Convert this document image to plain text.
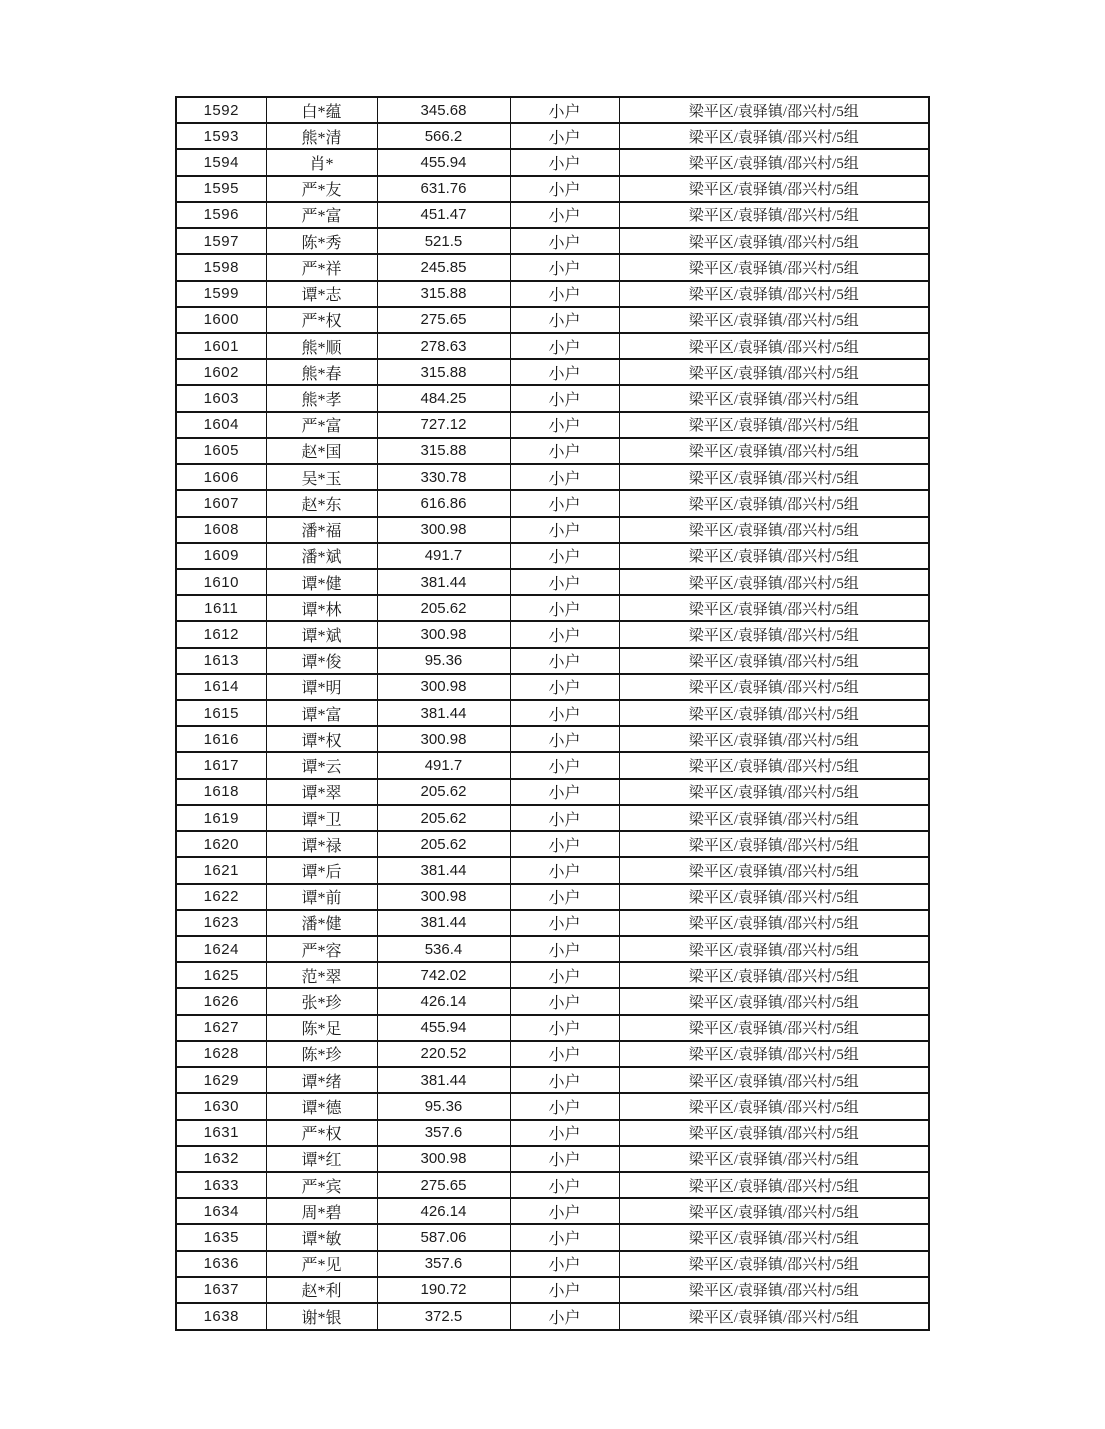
1592	白*蕴	345.68	小户	梁平区/袁驿镇/邵兴村/5组
1593	熊*清	566.2	小户	梁平区/袁驿镇/邵兴村/5组
1594	肖*	455.94	小户	梁平区/袁驿镇/邵兴村/5组
1595	严*友	631.76	小户	梁平区/袁驿镇/邵兴村/5组
1596	严*富	451.47	小户	梁平区/袁驿镇/邵兴村/5组
1597	陈*秀	521.5	小户	梁平区/袁驿镇/邵兴村/5组
1598	严*祥	245.85	小户	梁平区/袁驿镇/邵兴村/5组
1599	谭*志	315.88	小户	梁平区/袁驿镇/邵兴村/5组
1600	严*权	275.65	小户	梁平区/袁驿镇/邵兴村/5组
1601	熊*顺	278.63	小户	梁平区/袁驿镇/邵兴村/5组
1602	熊*春	315.88	小户	梁平区/袁驿镇/邵兴村/5组
1603	熊*孝	484.25	小户	梁平区/袁驿镇/邵兴村/5组
1604	严*富	727.12	小户	梁平区/袁驿镇/邵兴村/5组
1605	赵*国	315.88	小户	梁平区/袁驿镇/邵兴村/5组
1606	吴*玉	330.78	小户	梁平区/袁驿镇/邵兴村/5组
1607	赵*东	616.86	小户	梁平区/袁驿镇/邵兴村/5组
1608	潘*福	300.98	小户	梁平区/袁驿镇/邵兴村/5组
1609	潘*斌	491.7	小户	梁平区/袁驿镇/邵兴村/5组
1610	谭*健	381.44	小户	梁平区/袁驿镇/邵兴村/5组
1611	谭*林	205.62	小户	梁平区/袁驿镇/邵兴村/5组
1612	谭*斌	300.98	小户	梁平区/袁驿镇/邵兴村/5组
1613	谭*俊	95.36	小户	梁平区/袁驿镇/邵兴村/5组
1614	谭*明	300.98	小户	梁平区/袁驿镇/邵兴村/5组
1615	谭*富	381.44	小户	梁平区/袁驿镇/邵兴村/5组
1616	谭*权	300.98	小户	梁平区/袁驿镇/邵兴村/5组
1617	谭*云	491.7	小户	梁平区/袁驿镇/邵兴村/5组
1618	谭*翠	205.62	小户	梁平区/袁驿镇/邵兴村/5组
1619	谭*卫	205.62	小户	梁平区/袁驿镇/邵兴村/5组
1620	谭*禄	205.62	小户	梁平区/袁驿镇/邵兴村/5组
1621	谭*后	381.44	小户	梁平区/袁驿镇/邵兴村/5组
1622	谭*前	300.98	小户	梁平区/袁驿镇/邵兴村/5组
1623	潘*健	381.44	小户	梁平区/袁驿镇/邵兴村/5组
1624	严*容	536.4	小户	梁平区/袁驿镇/邵兴村/5组
1625	范*翠	742.02	小户	梁平区/袁驿镇/邵兴村/5组
1626	张*珍	426.14	小户	梁平区/袁驿镇/邵兴村/5组
1627	陈*足	455.94	小户	梁平区/袁驿镇/邵兴村/5组
1628	陈*珍	220.52	小户	梁平区/袁驿镇/邵兴村/5组
1629	谭*绪	381.44	小户	梁平区/袁驿镇/邵兴村/5组
1630	谭*德	95.36	小户	梁平区/袁驿镇/邵兴村/5组
1631	严*权	357.6	小户	梁平区/袁驿镇/邵兴村/5组
1632	谭*红	300.98	小户	梁平区/袁驿镇/邵兴村/5组
1633	严*宾	275.65	小户	梁平区/袁驿镇/邵兴村/5组
1634	周*碧	426.14	小户	梁平区/袁驿镇/邵兴村/5组
1635	谭*敏	587.06	小户	梁平区/袁驿镇/邵兴村/5组
1636	严*见	357.6	小户	梁平区/袁驿镇/邵兴村/5组
1637	赵*利	190.72	小户	梁平区/袁驿镇/邵兴村/5组
1638	谢*银	372.5	小户	梁平区/袁驿镇/邵兴村/5组
